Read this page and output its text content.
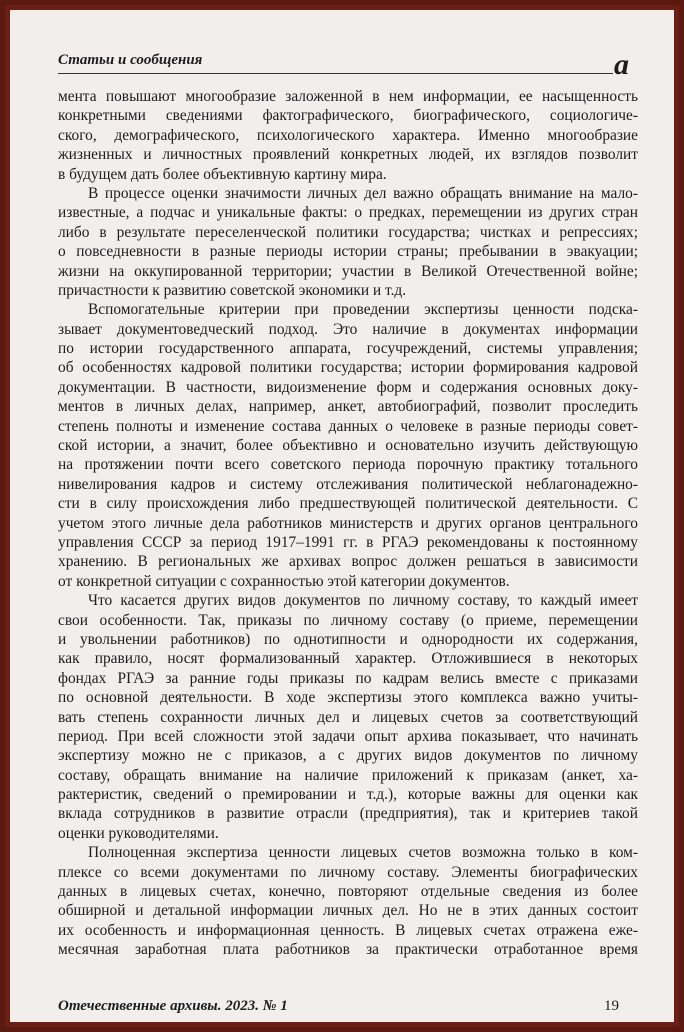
Статьи и сообщения	a
мента повышают многообразие заложенной в нем информации, ее насыщенность
конкретными сведениями фактографического, биографического, социологиче-
ского, демографического, психологического характера. Именно многообразие
жизненных и личностных проявлений конкретных людей, их взглядов позволит
в будущем дать более объективную картину мира.
В процессе оценки значимости личных дел важно обращать внимание на мало-
известные, а подчас и уникальные факты: о предках, перемещении из других стран
либо в результате переселенческой политики государства; чистках и репрессиях;
о повседневности в разные периоды истории страны; пребывании в эвакуации;
жизни на оккупированной территории; участии в Великой Отечественной войне;
причастности к развитию советской экономики и т.д.
Вспомогательные критерии при проведении экспертизы ценности подска-
зывает документоведческий подход. Это наличие в документах информации
по истории государственного аппарата, госучреждений, системы управления;
об особенностях кадровой политики государства; истории формирования кадровой
документации. В частности, видоизменение форм и содержания основных доку-
ментов в личных делах, например, анкет, автобиографий, позволит проследить
степень полноты и изменение состава данных о человеке в разные периоды совет-
ской истории, а значит, более объективно и основательно изучить действующую
на протяжении почти всего советского периода порочную практику тотального
нивелирования кадров и систему отслеживания политической неблагонадежно-
сти в силу происхождения либо предшествующей политической деятельности. С
учетом этого личные дела работников министерств и других органов центрального
управления СССР за период 1917–1991 гг. в РГАЭ рекомендованы к постоянному
хранению. В региональных же архивах вопрос должен решаться в зависимости
от конкретной ситуации с сохранностью этой категории документов.
Что касается других видов документов по личному составу, то каждый имеет
свои особенности. Так, приказы по личному составу (о приеме, перемещении
и увольнении работников) по однотипности и однородности их содержания,
как правило, носят формализованный характер. Отложившиеся в некоторых
фондах РГАЭ за ранние годы приказы по кадрам велись вместе с приказами
по основной деятельности. В ходе экспертизы этого комплекса важно учиты-
вать степень сохранности личных дел и лицевых счетов за соответствующий
период. При всей сложности этой задачи опыт архива показывает, что начинать
экспертизу можно не с приказов, а с других видов документов по личному
составу, обращать внимание на наличие приложений к приказам (анкет, ха-
рактеристик, сведений о премировании и т.д.), которые важны для оценки как
вклада сотрудников в развитие отрасли (предприятия), так и критериев такой
оценки руководителями.
Полноценная экспертиза ценности лицевых счетов возможна только в ком-
плексе со всеми документами по личному составу. Элементы биографических
данных в лицевых счетах, конечно, повторяют отдельные сведения из более
обширной и детальной информации личных дел. Но не в этих данных состоит
их особенность и информационная ценность. В лицевых счетах отражена еже-
месячная заработная плата работников за практически отработанное время
Отечественные архивы. 2023. № 1	19
